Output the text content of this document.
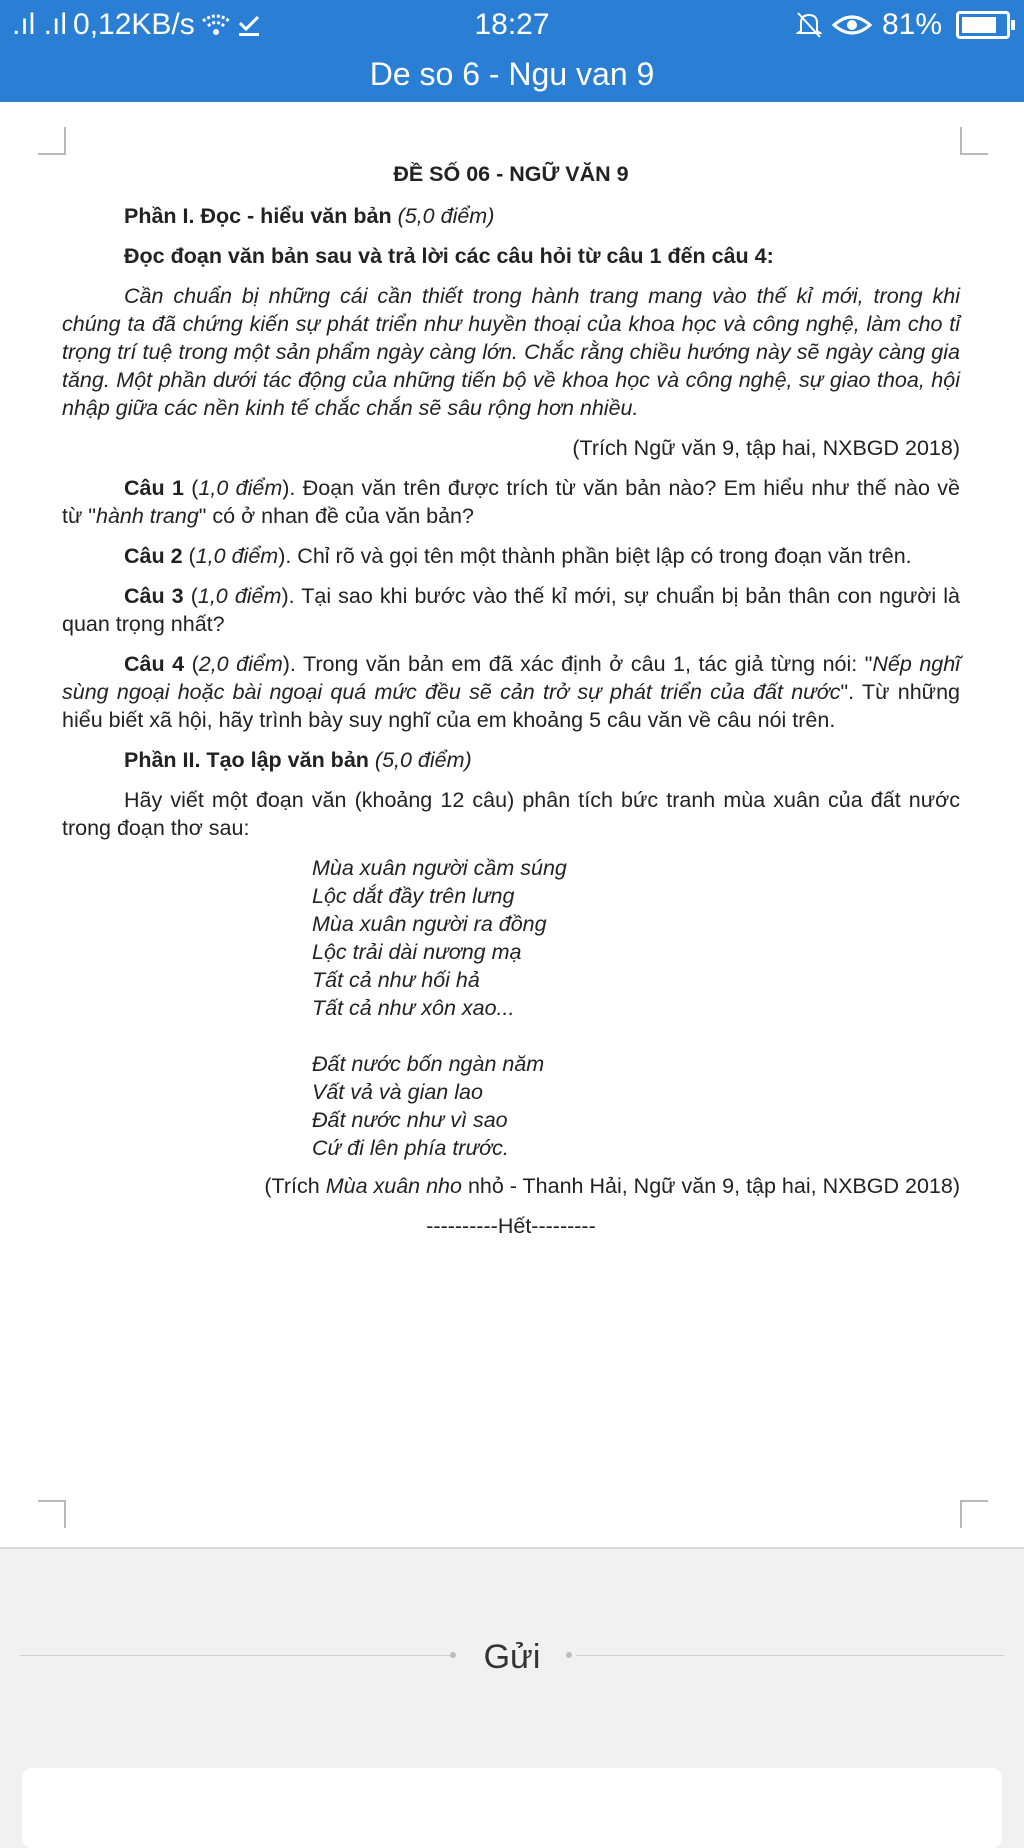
.ıl .ıl 0,12KB/s	18:27	81%
De so 6 - Ngu van 9

ĐỀ SỐ 06 - NGỮ VĂN 9

Phần I. Đọc - hiểu văn bản (5,0 điểm)

Đọc đoạn văn bản sau và trả lời các câu hỏi từ câu 1 đến câu 4:

Cần chuẩn bị những cái cần thiết trong hành trang mang vào thế kỉ mới, trong khi chúng ta đã chứng kiến sự phát triển như huyền thoại của khoa học và công nghệ, làm cho tỉ trọng trí tuệ trong một sản phẩm ngày càng lớn. Chắc rằng chiều hướng này sẽ ngày càng gia tăng. Một phần dưới tác động của những tiến bộ về khoa học và công nghệ, sự giao thoa, hội nhập giữa các nền kinh tế chắc chắn sẽ sâu rộng hơn nhiều.

(Trích Ngữ văn 9, tập hai, NXBGD 2018)

Câu 1 (1,0 điểm). Đoạn văn trên được trích từ văn bản nào? Em hiểu như thế nào về từ "hành trang" có ở nhan đề của văn bản?

Câu 2 (1,0 điểm). Chỉ rõ và gọi tên một thành phần biệt lập có trong đoạn văn trên.

Câu 3 (1,0 điểm). Tại sao khi bước vào thế kỉ mới, sự chuẩn bị bản thân con người là quan trọng nhất?

Câu 4 (2,0 điểm). Trong văn bản em đã xác định ở câu 1, tác giả từng nói: "Nếp nghĩ sùng ngoại hoặc bài ngoại quá mức đều sẽ cản trở sự phát triển của đất nước". Từ những hiểu biết xã hội, hãy trình bày suy nghĩ của em khoảng 5 câu văn về câu nói trên.

Phần II. Tạo lập văn bản (5,0 điểm)

Hãy viết một đoạn văn (khoảng 12 câu) phân tích bức tranh mùa xuân của đất nước trong đoạn thơ sau:

Mùa xuân người cầm súng
Lộc dắt đầy trên lưng
Mùa xuân người ra đồng
Lộc trải dài nương mạ
Tất cả như hối hả
Tất cả như xôn xao...
Đất nước bốn ngàn năm
Vất vả và gian lao
Đất nước như vì sao
Cứ đi lên phía trước.

(Trích Mùa xuân nho nhỏ - Thanh Hải, Ngữ văn 9, tập hai, NXBGD 2018)

----------Hết---------

Gửi
